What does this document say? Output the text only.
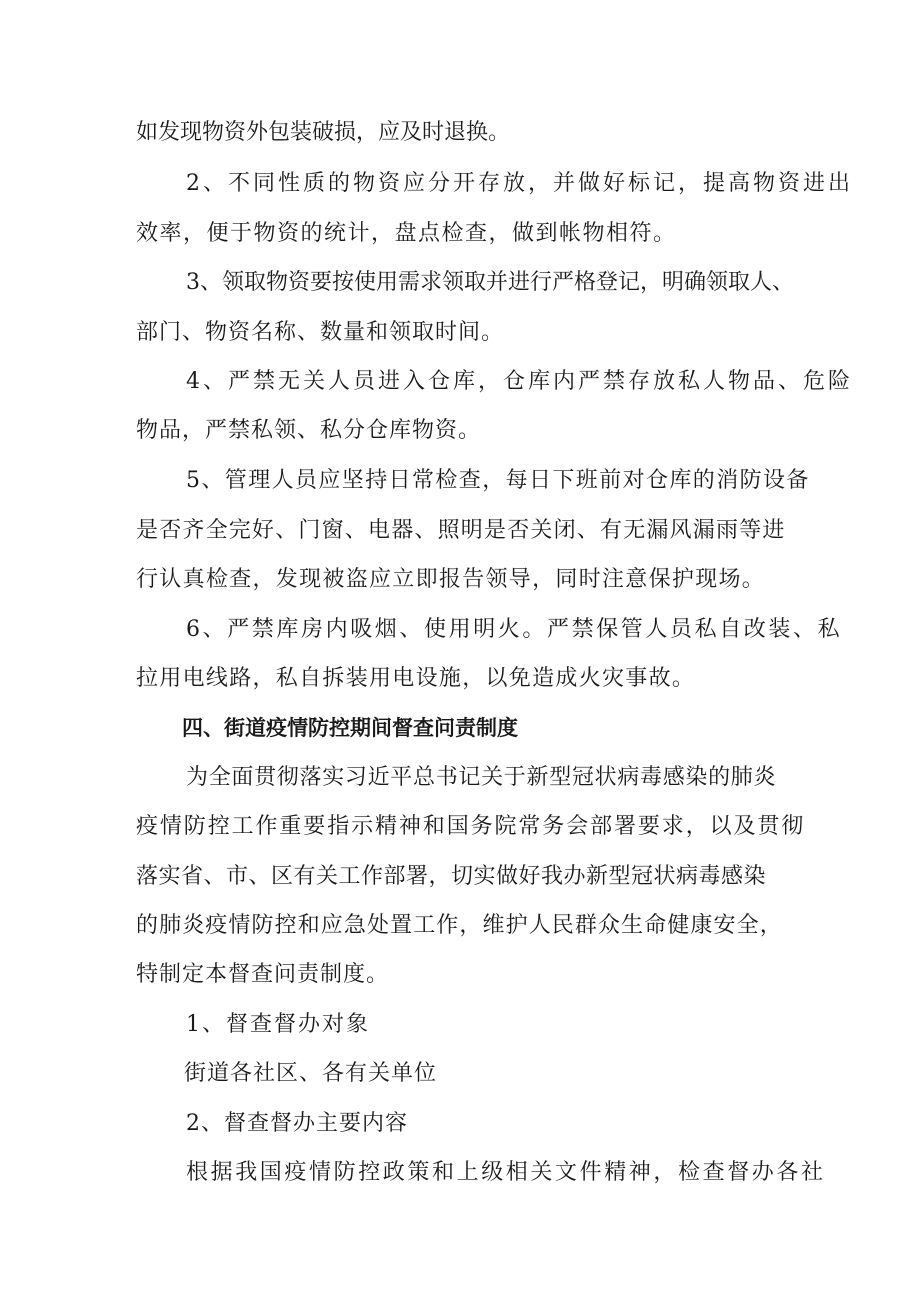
如发现物资外包装破损，应及时退换。
2、不同性质的物资应分开存放，并做好标记，提高物资进出
效率，便于物资的统计，盘点检查，做到帐物相符。
3、领取物资要按使用需求领取并进行严格登记，明确领取人、
部门、物资名称、数量和领取时间。
4、严禁无关人员进入仓库，仓库内严禁存放私人物品、危险
物品，严禁私领、私分仓库物资。
5、管理人员应坚持日常检查，每日下班前对仓库的消防设备
是否齐全完好、门窗、电器、照明是否关闭、有无漏风漏雨等进
行认真检查，发现被盗应立即报告领导，同时注意保护现场。
6、严禁库房内吸烟、使用明火。严禁保管人员私自改装、私
拉用电线路，私自拆装用电设施，以免造成火灾事故。
四、街道疫情防控期间督查问责制度
为全面贯彻落实习近平总书记关于新型冠状病毒感染的肺炎
疫情防控工作重要指示精神和国务院常务会部署要求，以及贯彻
落实省、市、区有关工作部署，切实做好我办新型冠状病毒感染
的肺炎疫情防控和应急处置工作，维护人民群众生命健康安全，
特制定本督查问责制度。
1、督查督办对象
街道各社区、各有关单位
2、督查督办主要内容
根据我国疫情防控政策和上级相关文件精神，检查督办各社
